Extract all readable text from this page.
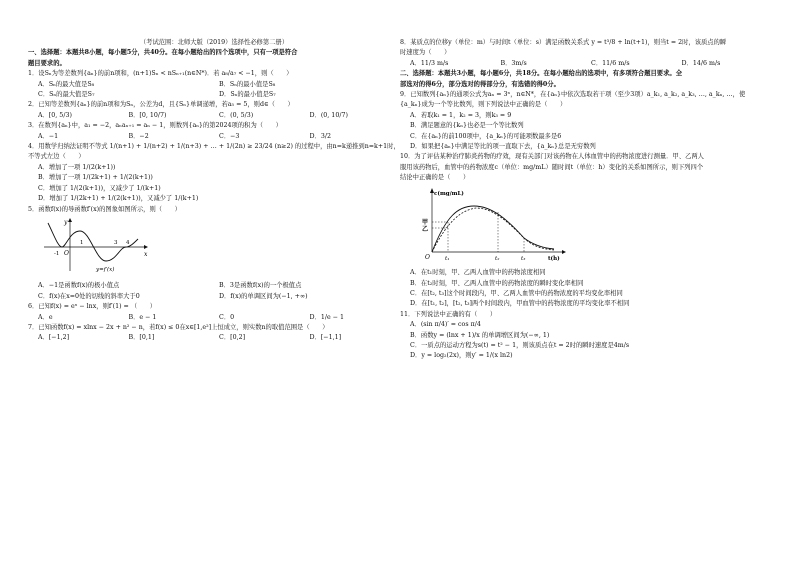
（考试范围：北师大版（2019）选择性必修第二册）
一、选择题：本题共8小题，每小题5分，共40分。在每小题给出的四个选项中，只有一项是符合
题目要求的。
1．设Sₙ为等差数列{aₙ}的前n项和，(n+1)Sₙ < nSₙ₊₁(n∈N*)．若 a₈/a₇ < −1，则（　　）
A．Sₙ的最大值是S₈	B．Sₙ的最小值是S₈
C．Sₙ的最大值是S₇	D．Sₙ的最小值是S₇
2．已知等差数列{aₙ}的前n项和为Sₙ，公差为d，且{Sₙ}单调递增，若a₅ = 5，则d∈（　　）
A．[0, 5/3)	B．[0, 10/7)	C．(0, 5/3)	D．(0, 10/7)
3．在数列{aₙ}中，a₁ = −2，aₙaₙ₊₁ = aₙ − 1，则数列{aₙ}的第2024项的积为（　　）
A．−1	B．−2	C．−3	D．3/2
4．用数学归纳法证明不等式 1/(n+1) + 1/(n+2) + 1/(n+3) + … + 1/(2n) ≥ 23/24 (n≥2) 的过程中，由n=k递推到n=k+1时，
不等式左边（　　）
A．增加了一项 1/(2(k+1))
B．增加了一项 1/(2k+1) + 1/(2(k+1))
C．增加了 1/(2(k+1))，又减少了 1/(k+1)
D．增加了 1/(2k+1) + 1/(2(k+1))，又减少了 1/(k+1)
5．函数f(x)的导函数f′(x)的图象如图所示，则（　　）
y
x
O
-1
1	3 4
y=f′(x)
A．−1是函数f(x)的极小值点	B．3是函数f(x)的一个极值点
C．f(x)在x=0处的切线的斜率大于0	D．f(x)的单调区间为(−1, +∞)
6．已知f(x) = eˣ − lnx，则f′(1) = （　　）
A．e	B．e − 1	C．0	D．1/e − 1
7．已知函数f(x) = xlnx − 2x + n² − n，若f(x) ≤ 0在x∈[1,e²]上恒成立，则实数n的取值范围是（　　）
A．[−1,2]	B．[0,1]	C．[0,2]	D．[−1,1]
8．某质点的位移y（单位：m）与时间t（单位：s）满足函数关系式 y = t³/8 + ln(t+1)，则当t = 2时，该质点的瞬
时速度为（　　）
A．11/3 m/s	B．3m/s	C．11/6 m/s	D．14/6 m/s
二、选择题：本题共3小题，每小题6分，共18分。在每小题给出的选项中，有多项符合题目要求。全
部选对的得6分，部分选对的得部分分，有选错的得0分。
9．已知数列{aₙ}的通项公式为aₙ = 3ⁿ，n∈N*，在{aₙ}中依次选取若干项（至少3项）a_k₁, a_k₂, a_k₃, …, a_kₙ, …，使
{a_kₙ}成为一个等比数列，则下列说法中正确的是（　　）
A．若取k₁ = 1，k₂ = 3，则k₃ = 9
B．满足题意的{kₙ}也必是一个等比数列
C．在{aₙ}的前100项中，{a_kₙ}的可能项数最多是6
D．如果把{aₙ}中满足等比的项一直取下去，{a_kₙ}总是无穷数列
10．为了评估某种治疗肺炎药物的疗效，现有关部门对该药物在人体血管中的药物浓度进行测量．甲、乙两人
服用该药物后，血管中的药物浓度c（单位：mg/mL）随时间t（单位：h）变化的关系如图所示，则下列四个
结论中正确的是（　　）
c(mg/mL)
甲
乙
O	t₁	t₂	t₃	t(h)
A．在t₁时刻，甲、乙两人血管中的药物浓度相同
B．在t₂时刻，甲、乙两人血管中的药物浓度的瞬时变化率相同
C．在[t₂, t₃]这个时间段内，甲、乙两人血管中的药物浓度的平均变化率相同
D．在[t₁, t₂]，[t₂, t₃]两个时间段内，甲血管中的药物浓度的平均变化率不相同
11．下列说法中正确的有（　　）
A．(sin π/4)′ = cos π/4
B．函数y = (lnx + 1)/x 的单调增区间为(−∞, 1)
C．一质点的运动方程为s(t) = t² − 1，则该质点在t = 2时的瞬时速度是4m/s
D．y = log₂(2x)，则y′ = 1/(x ln2)
